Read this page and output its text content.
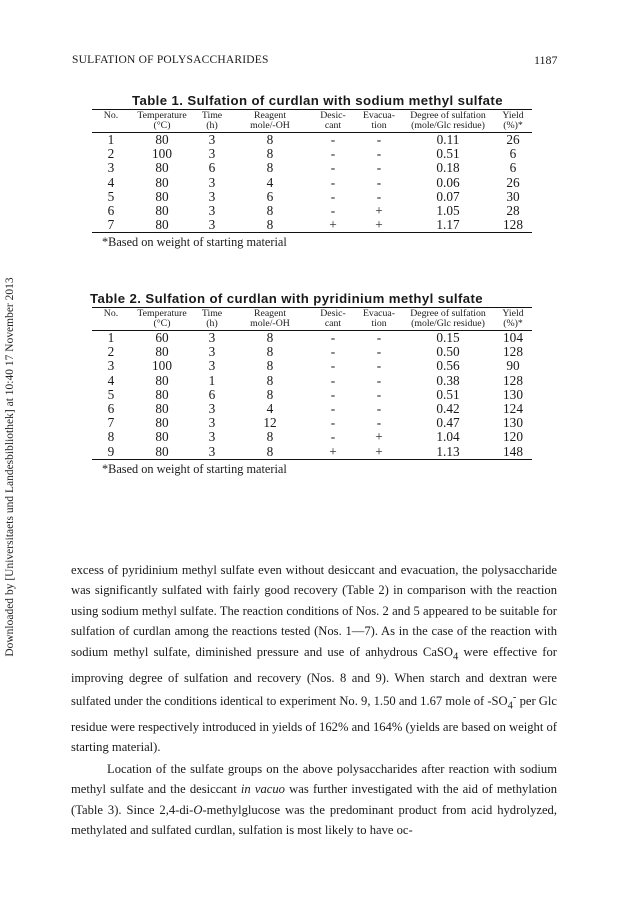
Downloaded by [Universitaets und Landesbibliothek] at 10:40 17 November 2013
SULFATION OF POLYSACCHARIDES	1187
Table 1. Sulfation of curdlan with sodium methyl sulfate
No.	Temperature	Time	Reagent	Desic-	Evacua-	Degree of sulfation	Yield
	(°C)	(h)	mole/-OH	cant	tion	(mole/Glc residue)	(%)*
1	80	3	8	-	-	0.11	26
2	100	3	8	-	-	0.51	6
3	80	6	8	-	-	0.18	6
4	80	3	4	-	-	0.06	26
5	80	3	6	-	-	0.07	30
6	80	3	8	-	+	1.05	28
7	80	3	8	+	+	1.17	128
*Based on weight of starting material
Table 2. Sulfation of curdlan with pyridinium methyl sulfate
No.	Temperature	Time	Reagent	Desic-	Evacua-	Degree of sulfation	Yield
	(°C)	(h)	mole/-OH	cant	tion	(mole/Glc residue)	(%)*
1	60	3	8	-	-	0.15	104
2	80	3	8	-	-	0.50	128
3	100	3	8	-	-	0.56	90
4	80	1	8	-	-	0.38	128
5	80	6	8	-	-	0.51	130
6	80	3	4	-	-	0.42	124
7	80	3	12	-	-	0.47	130
8	80	3	8	-	+	1.04	120
9	80	3	8	+	+	1.13	148
*Based on weight of starting material

excess of pyridinium methyl sulfate even without desiccant and evacuation, the polysaccharide was significantly sulfated with fairly good recovery (Table 2) in comparison with the reaction using sodium methyl sulfate. The reaction conditions of Nos. 2 and 5 appeared to be suitable for sulfation of curdlan among the reactions tested (Nos. 1—7). As in the case of the reaction with sodium methyl sulfate, diminished pressure and use of anhydrous CaSO$_4$ were effective for improving degree of sulfation and recovery (Nos. 8 and 9). When starch and dextran were sulfated under the conditions identical to experiment No. 9, 1.50 and 1.67 mole of $-SO_4^-$ per Glc residue were respectively introduced in yields of 162% and 164% (yields are based on weight of starting material).

Location of the sulfate groups on the above polysaccharides after reaction with sodium methyl sulfate and the desiccant in vacuo was further investigated with the aid of methylation (Table 3). Since 2,4-di-O-methylglucose was the predominant product from acid hydrolyzed, methylated and sulfated curdlan, sulfation is most likely to have oc-
